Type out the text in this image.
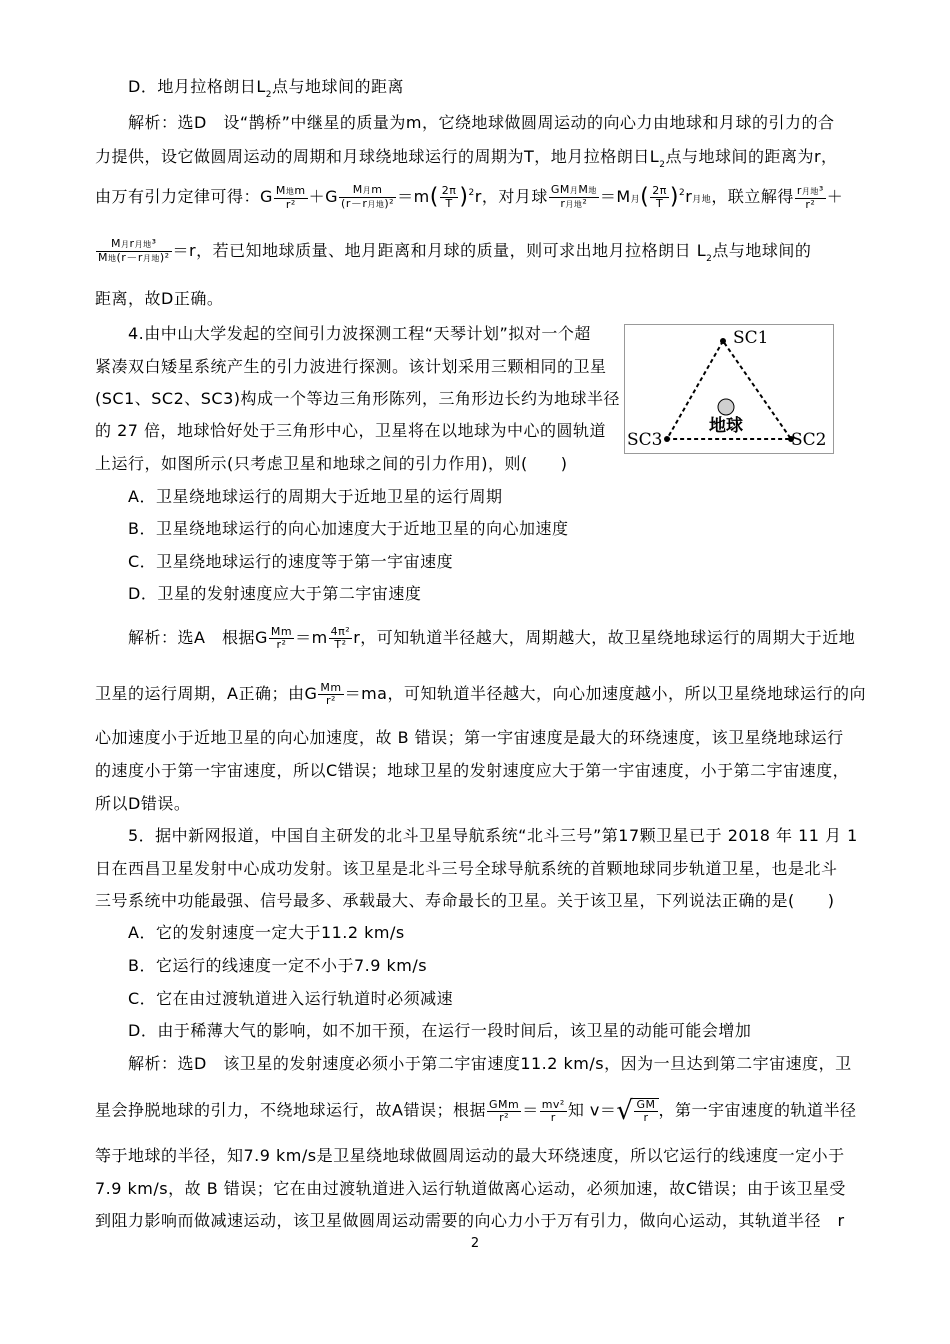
D．地月拉格朗日$L_2$点与地球间的距离
解析：选D　设“鹊桥”中继星的质量为m，它绕地球做圆周运动的向心力由地球和月球的引力的合
力提供，设它做圆周运动的周期和月球绕地球运行的周期为T，地月拉格朗日$L_2$点与地球间的距离为r，
由万有引力定律可得：G $\frac{\text{M地m}}{\text{r²}} +G \frac{\text{M月m}}{\text{(r－r月地)²}} =m( \frac{2\pi}{T} )^2r$，对月球 $\frac{\text{GM月M地}}{\text{r月地²}} =M$月( $\frac{2\pi}{T} )^2r$月地，联立解得 $\frac{\text{r月地³}}{\text{r²}}$ ＋
$\frac{\text{M月r月地³}}{\text{M地(r－r月地)²}} =r$，若已知地球质量、地月距离和月球的质量，则可求出地月拉格朗日 $L_2$点与地球间的
距离，故D正确。
4.由中山大学发起的空间引力波探测工程“天琴计划”拟对一个超
紧凑双白矮星系统产生的引力波进行探测。该计划采用三颗相同的卫星
(SC1、SC2、SC3)构成一个等边三角形陈列，三角形边长约为地球半径
的 27 倍，地球恰好处于三角形中心，卫星将在以地球为中心的圆轨道
上运行，如图所示(只考虑卫星和地球之间的引力作用)，则(　　)
SC1
SC2
SC3
地球
A．卫星绕地球运行的周期大于近地卫星的运行周期
B．卫星绕地球运行的向心加速度大于近地卫星的向心加速度
C．卫星绕地球运行的速度等于第一宇宙速度
D．卫星的发射速度应大于第二宇宙速度
解析：选A　根据G $\frac{Mm}{\text{r²}} =m \frac{\text{4π²}}{\text{T²}}$ r，可知轨道半径越大，周期越大，故卫星绕地球运行的周期大于近地
卫星的运行周期，A正确；由G $\frac{Mm}{\text{r²}} =ma$，可知轨道半径越大，向心加速度越小，所以卫星绕地球运行的向
心加速度小于近地卫星的向心加速度，故 B 错误；第一宇宙速度是最大的环绕速度，该卫星绕地球运行
的速度小于第一宇宙速度，所以C错误；地球卫星的发射速度应大于第一宇宙速度，小于第二宇宙速度，
所以D错误。
5．据中新网报道，中国自主研发的北斗卫星导航系统“北斗三号”第17颗卫星已于 2018 年 11 月 1
日在西昌卫星发射中心成功发射。该卫星是北斗三号全球导航系统的首颗地球同步轨道卫星，也是北斗
三号系统中功能最强、信号最多、承载最大、寿命最长的卫星。关于该卫星，下列说法正确的是(　　)
A．它的发射速度一定大于11.2 km/s
B．它运行的线速度一定不小于7.9 km/s
C．它在由过渡轨道进入运行轨道时必须减速
D．由于稀薄大气的影响，如不加干预，在运行一段时间后，该卫星的动能可能会增加
解析：选D　该卫星的发射速度必须小于第二宇宙速度11.2 km/s，因为一旦达到第二宇宙速度，卫
星会挣脱地球的引力，不绕地球运行，故A错误；根据 $\frac{\text{GMm}}{\text{r²}} = \frac{\text{mv²}}{r}$ 知 $v=√ \frac{GM}{r}$ ，第一宇宙速度的轨道半径
等于地球的半径，知7.9 km/s是卫星绕地球做圆周运动的最大环绕速度，所以它运行的线速度一定小于
7.9 km/s，故 B 错误；它在由过渡轨道进入运行轨道做离心运动，必须加速，故C错误；由于该卫星受
到阻力影响而做减速运动，该卫星做圆周运动需要的向心力小于万有引力，做向心运动，其轨道半径　r
2
